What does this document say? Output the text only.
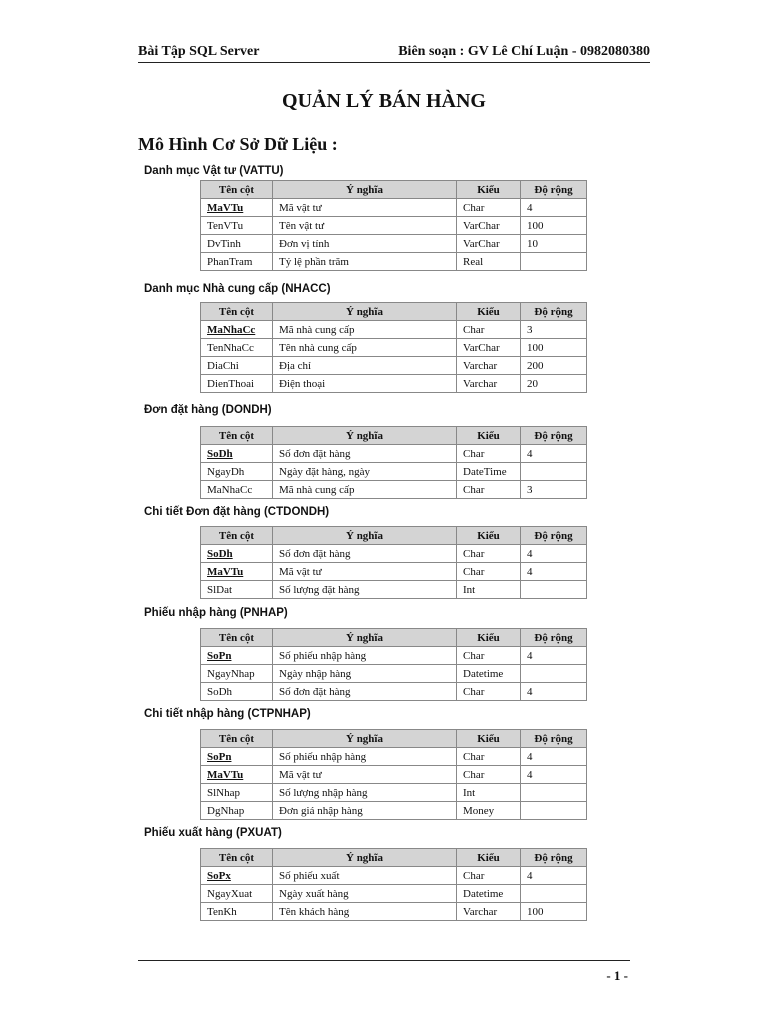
Bài Tập SQL Server	Biên soạn : GV Lê Chí Luận - 0982080380
QUẢN LÝ BÁN HÀNG
Mô Hình Cơ Sở Dữ Liệu :
Danh mục Vật tư (VATTU)
Tên cột	Ý nghĩa	Kiểu	Độ rộng
MaVTu	Mã vật tư	Char	4
TenVTu	Tên vật tư	VarChar	100
DvTinh	Đơn vị tính	VarChar	10
PhanTram	Tỷ lệ phần trăm	Real	
Danh mục Nhà cung cấp (NHACC)
Tên cột	Ý nghĩa	Kiểu	Độ rộng
MaNhaCc	Mã nhà cung cấp	Char	3
TenNhaCc	Tên nhà cung cấp	VarChar	100
DiaChi	Địa chỉ	Varchar	200
DienThoai	Điện thoại	Varchar	20
Đơn đặt hàng (DONDH)
Tên cột	Ý nghĩa	Kiểu	Độ rộng
SoDh	Số đơn đặt hàng	Char	4
NgayDh	Ngày đặt hàng, ngày	DateTime	
MaNhaCc	Mã nhà cung cấp	Char	3
Chi tiết Đơn đặt hàng (CTDONDH)
Tên cột	Ý nghĩa	Kiểu	Độ rộng
SoDh	Số đơn đặt hàng	Char	4
MaVTu	Mã vật tư	Char	4
SlDat	Số lượng đặt hàng	Int	
Phiếu nhập hàng (PNHAP)
Tên cột	Ý nghĩa	Kiểu	Độ rộng
SoPn	Số phiếu nhập hàng	Char	4
NgayNhap	Ngày nhập hàng	Datetime	
SoDh	Số đơn đặt hàng	Char	4
Chi tiết nhập hàng (CTPNHAP)
Tên cột	Ý nghĩa	Kiểu	Độ rộng
SoPn	Số phiếu nhập hàng	Char	4
MaVTu	Mã vật tư	Char	4
SlNhap	Số lượng nhập hàng	Int	
DgNhap	Đơn giá nhập hàng	Money	
Phiếu xuất hàng (PXUAT)
Tên cột	Ý nghĩa	Kiểu	Độ rộng
SoPx	Số phiếu xuất	Char	4
NgayXuat	Ngày xuất hàng	Datetime	
TenKh	Tên khách hàng	Varchar	100
- 1 -
